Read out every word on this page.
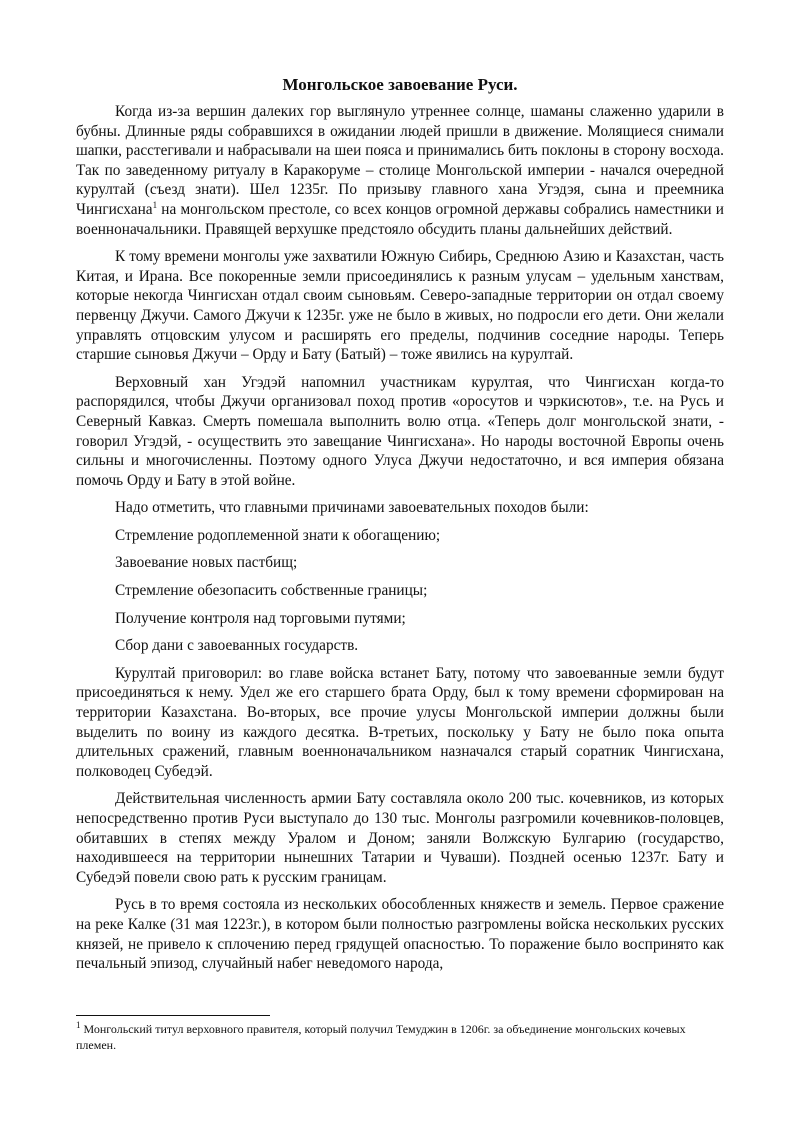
Монгольское завоевание Руси.

Когда из-за вершин далеких гор выглянуло утреннее солнце, шаманы слаженно ударили в бубны. Длинные ряды собравшихся в ожидании людей пришли в движение. Молящиеся снимали шапки, расстегивали и набрасывали на шеи пояса и принимались бить поклоны в сторону восхода. Так по заведенному ритуалу в Каракоруме – столице Монгольской империи - начался очередной курултай (съезд знати). Шел 1235г. По призыву главного хана Угэдэя, сына и преемника Чингисхана$^1$ на монгольском престоле, со всех концов огромной державы собрались наместники и военноначальники. Правящей верхушке предстояло обсудить планы дальнейших действий.

К тому времени монголы уже захватили Южную Сибирь, Среднюю Азию и Казахстан, часть Китая, и Ирана. Все покоренные земли присоединялись к разным улусам – удельным ханствам, которые некогда Чингисхан отдал своим сыновьям. Северо-западные территории он отдал своему первенцу Джучи. Самого Джучи к 1235г. уже не было в живых, но подросли его дети. Они желали управлять отцовским улусом и расширять его пределы, подчинив соседние народы. Теперь старшие сыновья Джучи – Орду и Бату (Батый) – тоже явились на курултай.

Верховный хан Угэдэй напомнил участникам курултая, что Чингисхан когда-то распорядился, чтобы Джучи организовал поход против «оросутов и чэркисютов», т.е. на Русь и Северный Кавказ. Смерть помешала выполнить волю отца. «Теперь долг монгольской знати, - говорил Угэдэй, - осуществить это завещание Чингисхана». Но народы восточной Европы очень сильны и многочисленны. Поэтому одного Улуса Джучи недостаточно, и вся империя обязана помочь Орду и Бату в этой войне.

Надо отметить, что главными причинами завоевательных походов были:

Стремление родоплеменной знати к обогащению;

Завоевание новых пастбищ;

Стремление обезопасить собственные границы;

Получение контроля над торговыми путями;

Сбор дани с завоеванных государств.

Курултай приговорил: во главе войска встанет Бату, потому что завоеванные земли будут присоединяться к нему. Удел же его старшего брата Орду, был к тому времени сформирован на территории Казахстана. Во-вторых, все прочие улусы Монгольской империи должны были выделить по воину из каждого десятка. В-третьих, поскольку у Бату не было пока опыта длительных сражений, главным военноначальником назначался старый соратник Чингисхана, полководец Субедэй.

Действительная численность армии Бату составляла около 200 тыс. кочевников, из которых непосредственно против Руси выступало до 130 тыс. Монголы разгромили кочевников-половцев, обитавших в степях между Уралом и Доном; заняли Волжскую Булгарию (государство, находившееся на территории нынешних Татарии и Чуваши). Поздней осенью 1237г. Бату и Субедэй повели свою рать к русским границам.

Русь в то время состояла из нескольких обособленных княжеств и земель. Первое сражение на реке Калке (31 мая 1223г.), в котором были полностью разгромлены войска нескольких русских князей, не привело к сплочению перед грядущей опасностью. То поражение было воспринято как печальный эпизод, случайный набег неведомого народа,

$^1$ Монгольский титул верховного правителя, который получил Темуджин в 1206г. за объединение монгольских кочевых племен.
